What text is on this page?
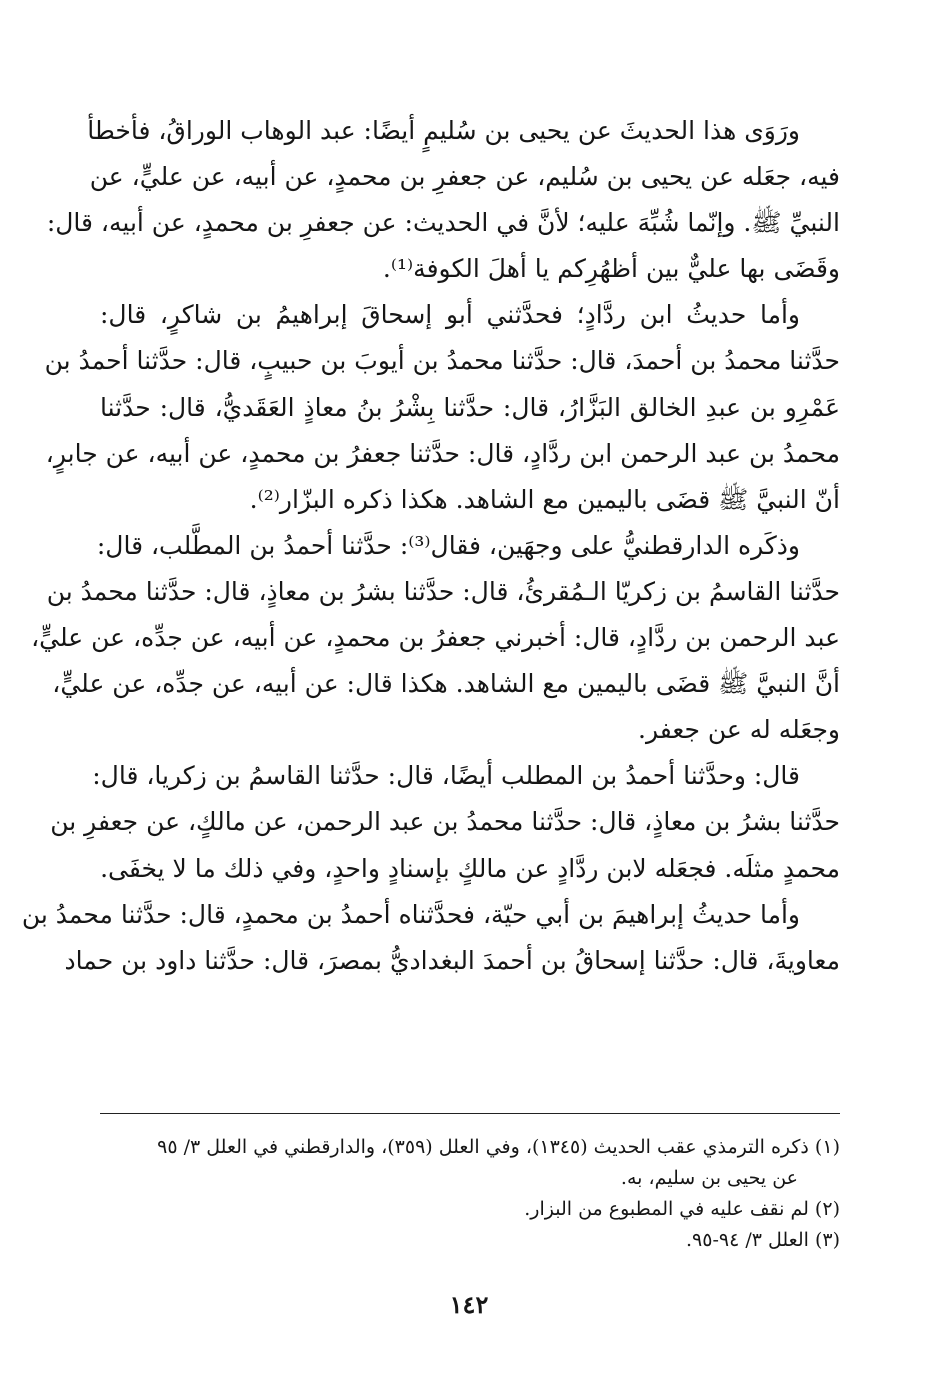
ورَوَى هذا الحديثَ عن يحيى بن سُليمٍ أيضًا: عبد الوهاب الوراقُ، فأخطأ
فيه، جعَله عن يحيى بن سُليم، عن جعفرِ بن محمدٍ، عن أبيه، عن عليٍّ، عن
النبيِّ ﷺ. وإنّما شُبِّهَ عليه؛ لأنَّ في الحديث: عن جعفرِ بن محمدٍ، عن أبيه، قال:
وقَضَى بها عليٌّ بين أظهُرِكم يا أهلَ الكوفة⁽¹⁾.
وأما حديثُ ابن ردَّادٍ؛ فحدَّثني أبو إسحاقَ إبراهيمُ بن شاكرٍ، قال:
حدَّثنا محمدُ بن أحمدَ، قال: حدَّثنا محمدُ بن أيوبَ بن حبيبٍ، قال: حدَّثنا أحمدُ بن
عَمْرِو بن عبدِ الخالق البَزَّارُ، قال: حدَّثنا بِشْرُ بنُ معاذٍ العَقَديُّ، قال: حدَّثنا
محمدُ بن عبد الرحمن ابن ردَّادٍ، قال: حدَّثنا جعفرُ بن محمدٍ، عن أبيه، عن جابرٍ،
أنّ النبيَّ ﷺ قضَى باليمين مع الشاهد. هكذا ذكره البزّار⁽²⁾.
وذكَره الدارقطنيُّ على وجهَين، فقال⁽³⁾: حدَّثنا أحمدُ بن المطَّلب، قال:
حدَّثنا القاسمُ بن زكريّا الـمُقرئُ، قال: حدَّثنا بشرُ بن معاذٍ، قال: حدَّثنا محمدُ بن
عبد الرحمن بن ردَّادٍ، قال: أخبرني جعفرُ بن محمدٍ، عن أبيه، عن جدِّه، عن عليٍّ،
أنَّ النبيَّ ﷺ قضَى باليمين مع الشاهد. هكذا قال: عن أبيه، عن جدِّه، عن عليٍّ،
وجعَله له عن جعفر.
قال: وحدَّثنا أحمدُ بن المطلب أيضًا، قال: حدَّثنا القاسمُ بن زكريا، قال:
حدَّثنا بشرُ بن معاذٍ، قال: حدَّثنا محمدُ بن عبد الرحمن، عن مالكٍ، عن جعفرِ بن
محمدٍ مثلَه. فجعَله لابن ردَّادٍ عن مالكٍ بإسنادٍ واحدٍ، وفي ذلك ما لا يخفَى.
وأما حديثُ إبراهيمَ بن أبي حيّة، فحدَّثناه أحمدُ بن محمدٍ، قال: حدَّثنا محمدُ بن
معاويةَ، قال: حدَّثنا إسحاقُ بن أحمدَ البغداديُّ بمصرَ، قال: حدَّثنا داود بن حماد
(١) ذكره الترمذي عقب الحديث (١٣٤٥)، وفي العلل (٣٥٩)، والدارقطني في العلل ٣/ ٩٥
عن يحيى بن سليم، به.
(٢) لم نقف عليه في المطبوع من البزار.
(٣) العلل ٣/ ٩٤-٩٥.
١٤٢
